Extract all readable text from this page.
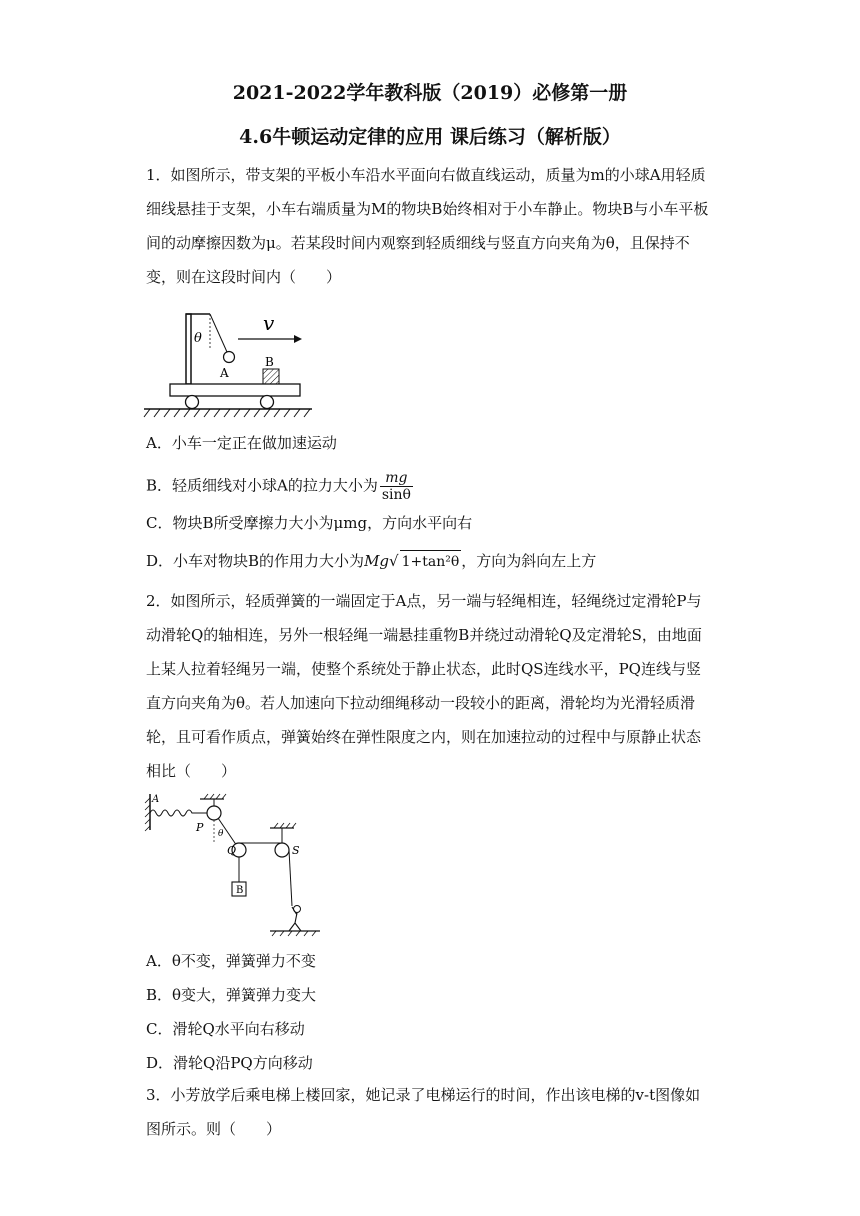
2021-2022学年教科版（2019）必修第一册
4.6牛顿运动定律的应用 课后练习（解析版）
1．如图所示，带支架的平板小车沿水平面向右做直线运动，质量为m的小球A用轻质细线悬挂于支架，小车右端质量为M的物块B始终相对于小车静止。物块B与小车平板间的动摩擦因数为μ。若某段时间内观察到轻质细线与竖直方向夹角为θ，且保持不变，则在这段时间内（　　）
θ
A
B
v
A．小车一定正在做加速运动
B．轻质细线对小球A的拉力大小为 $\frac{mg}{\sin\theta}$
C．物块B所受摩擦力大小为μmg，方向水平向右
D．小车对物块B的作用力大小为Mg√ 1+tan²θ ，方向为斜向左上方
2．如图所示，轻质弹簧的一端固定于A点，另一端与轻绳相连，轻绳绕过定滑轮P与动滑轮Q的轴相连，另外一根轻绳一端悬挂重物B并绕过动滑轮Q及定滑轮S，由地面上某人拉着轻绳另一端，使整个系统处于静止状态，此时QS连线水平，PQ连线与竖直方向夹角为θ。若人加速向下拉动细绳移动一段较小的距离，滑轮均为光滑轻质滑轮，且可看作质点，弹簧始终在弹性限度之内，则在加速拉动的过程中与原静止状态相比（　　）
A
P θ
Q
B
S
A．θ不变，弹簧弹力不变
B．θ变大，弹簧弹力变大
C．滑轮Q水平向右移动
D．滑轮Q沿PQ方向移动
3．小芳放学后乘电梯上楼回家，她记录了电梯运行的时间，作出该电梯的v-t图像如图所示。则（　　）
